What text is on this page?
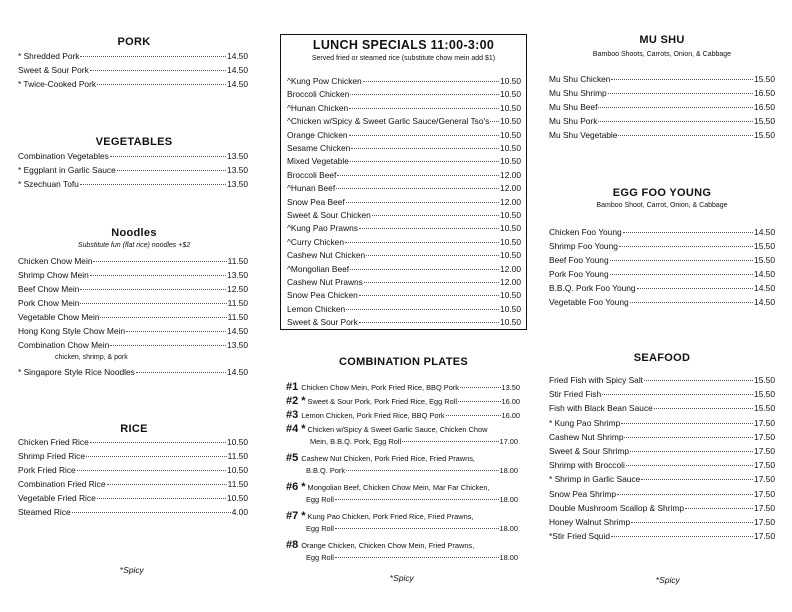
PORK
* Shredded Pork	14.50
Sweet & Sour Pork	14.50
* Twice-Cooked Pork	14.50
VEGETABLES
Combination Vegetables	13.50
* Eggplant in Garlic Sauce	13.50
* Szechuan Tofu	13.50
Noodles
Substitute fun (flat rice) noodles +$2
Chicken Chow Mein	11.50
Shrimp Chow Mein	13.50
Beef Chow Mein	12.50
Pork Chow Mein	11.50
Vegetable Chow Mein	11.50
Hong Kong Style Chow Mein	14.50
Combination Chow Mein	13.50
chicken, shrimp, & pork
* Singapore Style Rice Noodles	14.50
RICE
Chicken Fried Rice	10.50
Shrimp Fried Rice	11.50
Pork Fried Rice	10.50
Combination Fried Rice	11.50
Vegetable Fried Rice	10.50
Steamed Rice	4.00
*Spicy
LUNCH SPECIALS 11:00-3:00
Served fried or steamed rice (substitute chow mein add $1)
^Kung Pow Chicken	10.50
Broccoli Chicken	10.50
^Hunan Chicken	10.50
^Chicken w/Spicy & Sweet Garlic Sauce/General Tso's 10.50
Orange Chicken	10.50
Sesame Chicken	10.50
Mixed Vegetable	10.50
Broccoli Beef	12.00
^Hunan Beef	12.00
Snow Pea Beef	12.00
Sweet & Sour Chicken	10.50
^Kung Pao Prawns	10.50
^Curry Chicken	10.50
Cashew Nut Chicken	10.50
^Mongolian Beef	12.00
Cashew Nut Prawns	12.00
Snow Pea Chicken	10.50
Lemon Chicken	10.50
Sweet & Sour Pork	10.50
COMBINATION PLATES
#1 Chicken Chow Mein, Pork Fried Rice, BBQ Pork	13.50
#2 * Sweet & Sour Pork, Pork Fried Rice, Egg Roll	16.00
#3 Lemon Chicken, Pork Fried Rice, BBQ Pork	16.00
#4 * Chicken w/Spicy & Sweet Garlic Sauce, Chicken Chow
Mein, B.B.Q. Pork, Egg Roll	17.00
#5 Cashew Nut Chicken, Pork Fried Rice, Fried Prawns,
B.B.Q. Pork	18.00
#6 * Mongolian Beef, Chicken Chow Mein, Mar Far Chicken,
Egg Roll	18.00
#7 * Kung Pao Chicken, Pork Fried Rice, Fried Prawns,
Egg Roll	18.00
#8 Orange Chicken, Chicken Chow Mein, Fried Prawns,
Egg Roll	18.00
*Spicy
MU SHU
Bamboo Shoots, Carrots, Onion, & Cabbage
Mu Shu Chicken	15.50
Mu Shu Shrimp	16.50
Mu Shu Beef	16.50
Mu Shu Pork	15.50
Mu Shu Vegetable	15.50
EGG FOO YOUNG
Bamboo Shoot, Carrot, Onion, & Cabbage
Chicken Foo Young	14.50
Shrimp Foo Young	15.50
Beef Foo Young	15.50
Pork Foo Young	14.50
B.B.Q. Pork Foo Young	14.50
Vegetable Foo Young	14.50
SEAFOOD
Fried Fish with Spicy Salt	15.50
Stir Fried Fish	15.50
Fish with Black Bean Sauce	15.50
* Kung Pao Shrimp	17.50
Cashew Nut Shrimp	17.50
Sweet & Sour Shrimp	17.50
Shrimp with Broccoli	17.50
* Shrimp in Garlic Sauce	17.50
Snow Pea Shrimp	17.50
Double Mushroom Scallop & Shrimp	17.50
Honey Walnut Shrimp	17.50
*Stir Fried Squid	17.50
*Spicy
